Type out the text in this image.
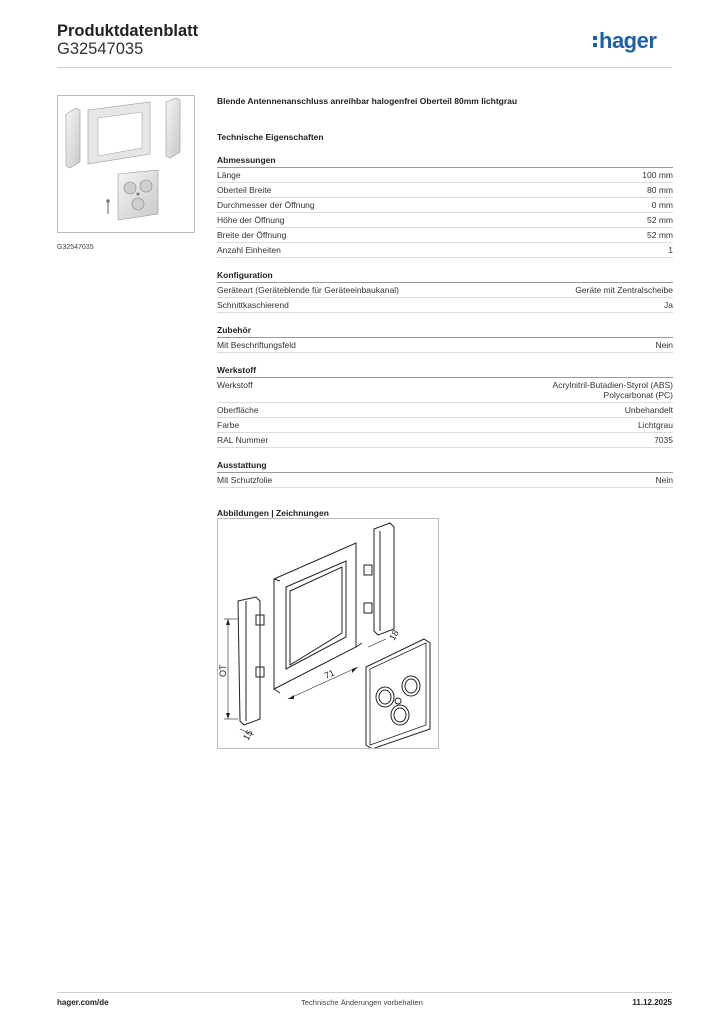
Produktdatenblatt
G32547035	hager
G32547035
Blende Antennenanschluss anreihbar halogenfrei Oberteil 80mm lichtgrau
Technische Eigenschaften
Abmessungen
Länge	100 mm
Oberteil Breite	80 mm
Durchmesser der Öffnung	0 mm
Höhe der Öffnung	52 mm
Breite der Öffnung	52 mm
Anzahl Einheiten	1
Konfiguration
Geräteart (Geräteblende für Geräteeinbaukanal)	Geräte mit Zentralscheibe
Schnittkaschierend	Ja
Zubehör
Mit Beschriftungsfeld	Nein
Werkstoff
Werkstoff	Acrylnitril-Butadien-Styrol (ABS)
Polycarbonat (PC)
Oberfläche	Unbehandelt
Farbe	Lichtgrau
RAL Nummer	7035
Ausstattung
Mit Schutzfolie	Nein
Abbildungen | Zeichnungen
OT	71
15
18
hager.com/de	Technische Änderungen vorbehalten	11.12.2025
